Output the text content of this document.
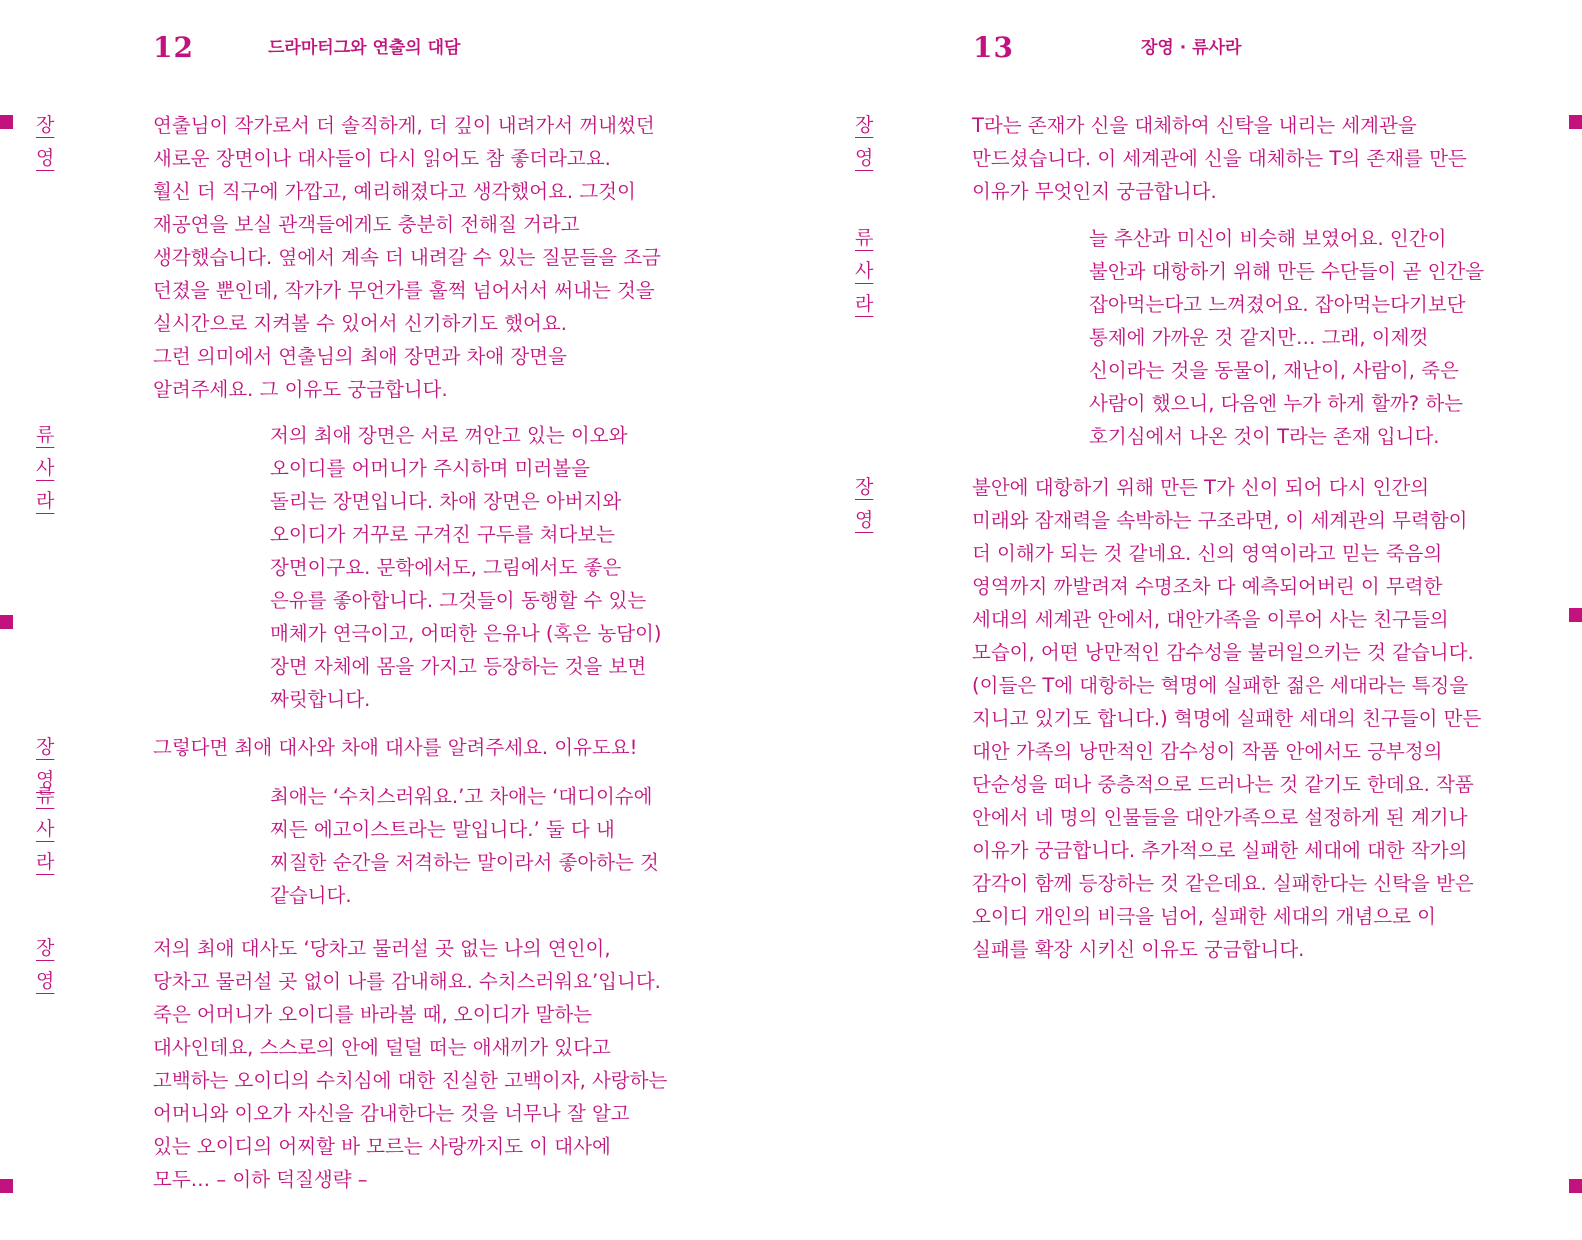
12	드라마터그와 연출의 대담
장영
연출님이 작가로서 더 솔직하게, 더 깊이 내려가서 꺼내썼던
새로운 장면이나 대사들이 다시 읽어도 참 좋더라고요.
훨신 더 직구에 가깝고, 예리해졌다고 생각했어요. 그것이
재공연을 보실 관객들에게도 충분히 전해질 거라고
생각했습니다. 옆에서 계속 더 내려갈 수 있는 질문들을 조금
던졌을 뿐인데, 작가가 무언가를 훌쩍 넘어서서 써내는 것을
실시간으로 지켜볼 수 있어서 신기하기도 했어요.
그런 의미에서 연출님의 최애 장면과 차애 장면을
알려주세요. 그 이유도 궁금합니다.
류사라
저의 최애 장면은 서로 껴안고 있는 이오와
오이디를 어머니가 주시하며 미러볼을
돌리는 장면입니다. 차애 장면은 아버지와
오이디가 거꾸로 구겨진 구두를 쳐다보는
장면이구요. 문학에서도, 그림에서도 좋은
은유를 좋아합니다. 그것들이 동행할 수 있는
매체가 연극이고, 어떠한 은유나 (혹은 농담이)
장면 자체에 몸을 가지고 등장하는 것을 보면
짜릿합니다.
장영
그렇다면 최애 대사와 차애 대사를 알려주세요. 이유도요!
류사라
최애는 ‘수치스러워요.’고 차애는 ‘대디이슈에
찌든 에고이스트라는 말입니다.’ 둘 다 내
찌질한 순간을 저격하는 말이라서 좋아하는 것
같습니다.
장영
저의 최애 대사도 ‘당차고 물러설 곳 없는 나의 연인이,
당차고 물러설 곳 없이 나를 감내해요. 수치스러워요’입니다.
죽은 어머니가 오이디를 바라볼 때, 오이디가 말하는
대사인데요, 스스로의 안에 덜덜 떠는 애새끼가 있다고
고백하는 오이디의 수치심에 대한 진실한 고백이자, 사랑하는
어머니와 이오가 자신을 감내한다는 것을 너무나 잘 알고
있는 오이디의 어찌할 바 모르는 사랑까지도 이 대사에
모두… – 이하 덕질생략 –
13	장영 · 류사라
장영
T라는 존재가 신을 대체하여 신탁을 내리는 세계관을
만드셨습니다. 이 세계관에 신을 대체하는 T의 존재를 만든
이유가 무엇인지 궁금합니다.
류사라
늘 추산과 미신이 비슷해 보였어요. 인간이
불안과 대항하기 위해 만든 수단들이 곧 인간을
잡아먹는다고 느껴졌어요. 잡아먹는다기보단
통제에 가까운 것 같지만… 그래, 이제껏
신이라는 것을 동물이, 재난이, 사람이, 죽은
사람이 했으니, 다음엔 누가 하게 할까? 하는
호기심에서 나온 것이 T라는 존재 입니다.
장영
불안에 대항하기 위해 만든 T가 신이 되어 다시 인간의
미래와 잠재력을 속박하는 구조라면, 이 세계관의 무력함이
더 이해가 되는 것 같네요. 신의 영역이라고 믿는 죽음의
영역까지 까발려져 수명조차 다 예측되어버린 이 무력한
세대의 세계관 안에서, 대안가족을 이루어 사는 친구들의
모습이, 어떤 낭만적인 감수성을 불러일으키는 것 같습니다.
(이들은 T에 대항하는 혁명에 실패한 젊은 세대라는 특징을
지니고 있기도 합니다.) 혁명에 실패한 세대의 친구들이 만든
대안 가족의 낭만적인 감수성이 작품 안에서도 긍부정의
단순성을 떠나 중층적으로 드러나는 것 같기도 한데요. 작품
안에서 네 명의 인물들을 대안가족으로 설정하게 된 계기나
이유가 궁금합니다. 추가적으로 실패한 세대에 대한 작가의
감각이 함께 등장하는 것 같은데요. 실패한다는 신탁을 받은
오이디 개인의 비극을 넘어, 실패한 세대의 개념으로 이
실패를 확장 시키신 이유도 궁금합니다.
